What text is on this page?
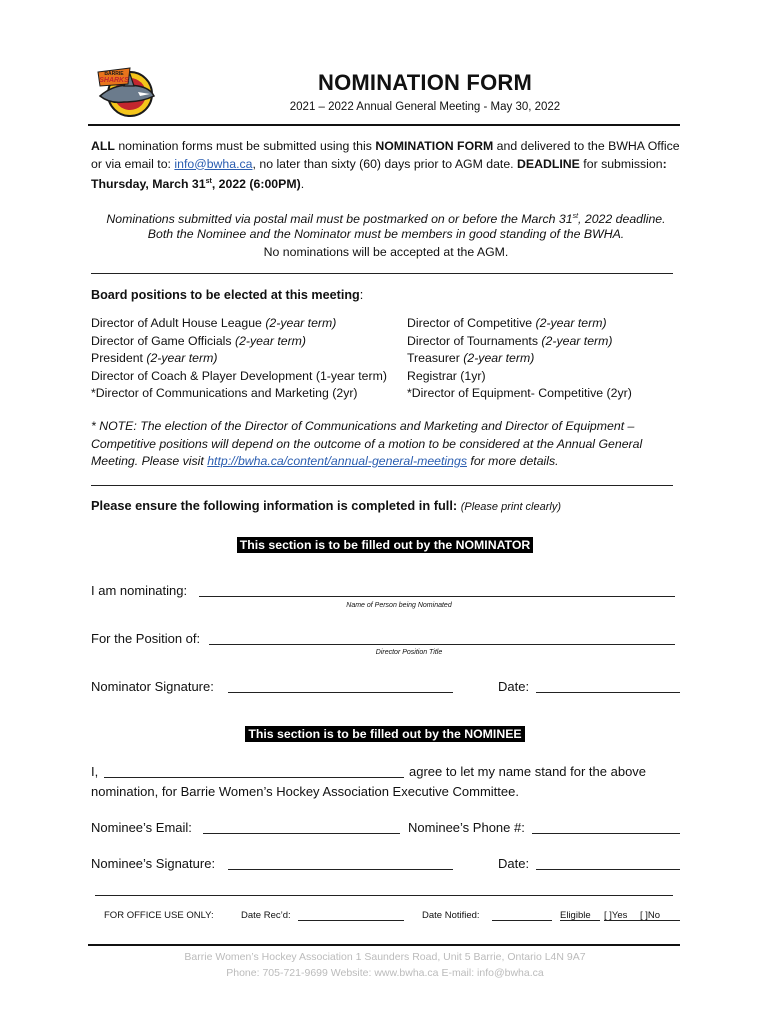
BARRIE
SHARKS	NOMINATION FORM
2021 – 2022 Annual General Meeting - May 30, 2022
ALL nomination forms must be submitted using this NOMINATION FORM and delivered to the BWHA Office or via email to: info@bwha.ca, no later than sixty (60) days prior to AGM date. DEADLINE for submission: Thursday, March 31st, 2022 (6:00PM).
Nominations submitted via postal mail must be postmarked on or before the March 31st, 2022 deadline.
Both the Nominee and the Nominator must be members in good standing of the BWHA.
No nominations will be accepted at the AGM.
Board positions to be elected at this meeting:
Director of Adult House League (2-year term)
Director of Game Officials (2-year term)
President (2-year term)
Director of Coach & Player Development (1-year term)
*Director of Communications and Marketing (2yr)
Director of Competitive (2-year term)
Director of Tournaments (2-year term)
Treasurer (2-year term)
Registrar (1yr)
*Director of Equipment- Competitive (2yr)
* NOTE: The election of the Director of Communications and Marketing and Director of Equipment – Competitive positions will depend on the outcome of a motion to be considered at the Annual General Meeting. Please visit http://bwha.ca/content/annual-general-meetings for more details.
Please ensure the following information is completed in full: (Please print clearly)
This section is to be filled out by the NOMINATOR
I am nominating:
Name of Person being Nominated
For the Position of:
Director Position Title
Nominator Signature:	Date:
This section is to be filled out by the NOMINEE
I,	agree to let my name stand for the above
nomination, for Barrie Women’s Hockey Association Executive Committee.
Nominee’s Email:	Nominee’s Phone #:
Nominee’s Signature:	Date:
FOR OFFICE USE ONLY:	Date Rec’d:	Date Notified:	Eligible [ ]Yes [ ]No
Barrie Women’s Hockey Association 1 Saunders Road, Unit 5 Barrie, Ontario L4N 9A7
Phone: 705-721-9699 Website: www.bwha.ca E-mail: info@bwha.ca
